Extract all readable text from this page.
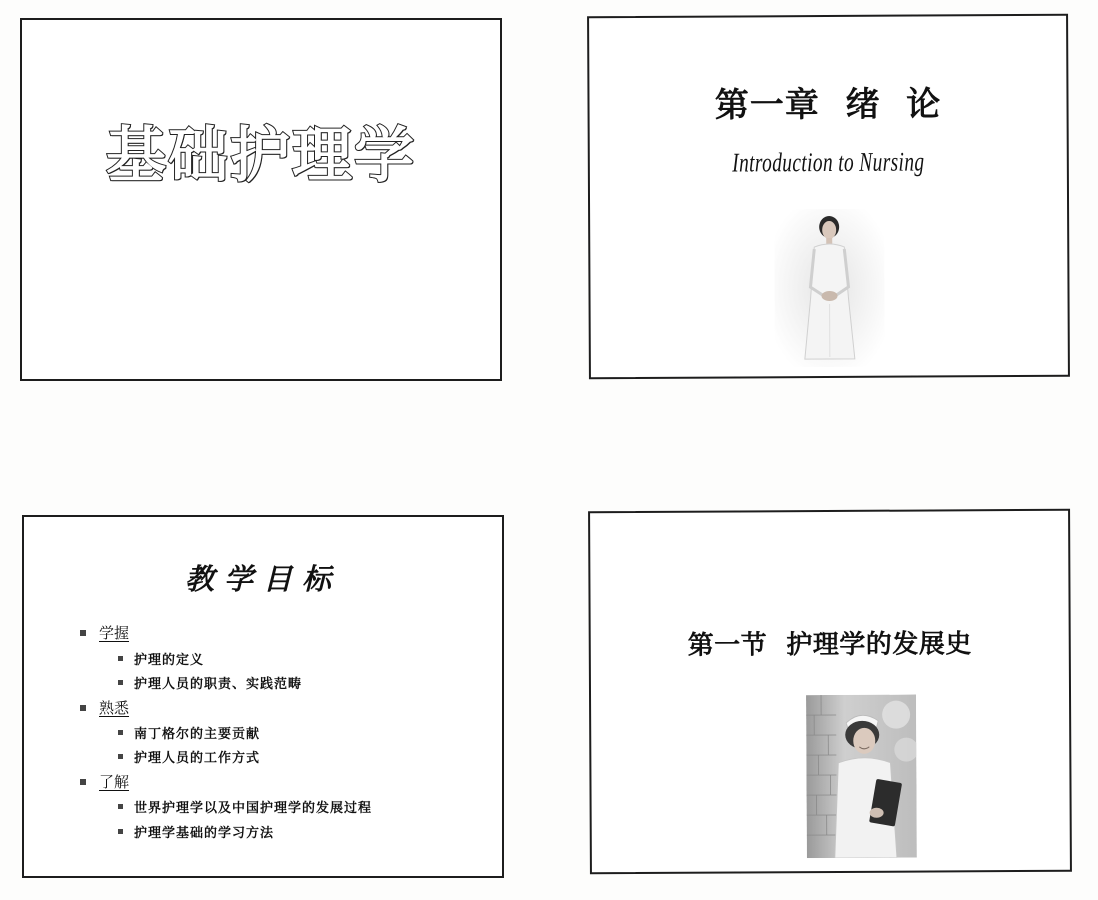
基础护理学
第一章  绪  论
Introduction to Nursing
教学目标
学握
护理的定义
护理人员的职责、实践范畴
熟悉
南丁格尔的主要贡献
护理人员的工作方式
了解
世界护理学以及中国护理学的发展过程
护理学基础的学习方法
第一节  护理学的发展史
